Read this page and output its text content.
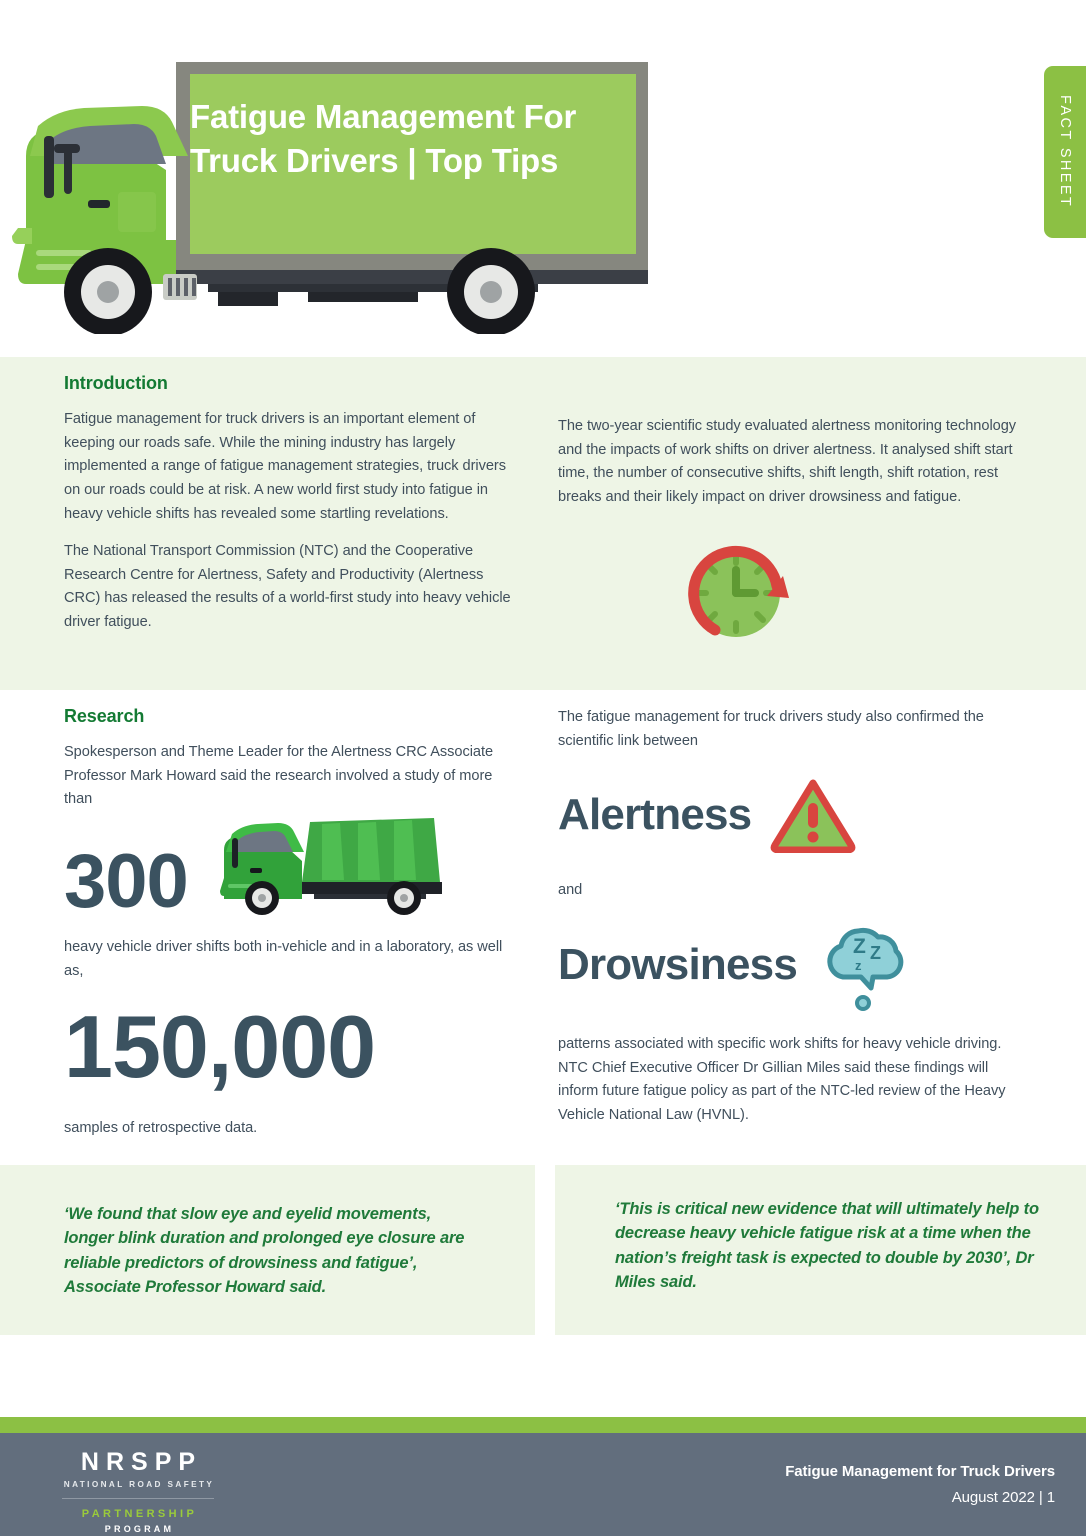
Fatigue Management For Truck Drivers | Top Tips	FACT SHEET
Introduction

Fatigue management for truck drivers is an important element of keeping our roads safe. While the mining industry has largely implemented a range of fatigue management strategies, truck drivers on our roads could be at risk. A new world first study into fatigue in heavy vehicle shifts has revealed some startling revelations.

The National Transport Commission (NTC) and the Cooperative Research Centre for Alertness, Safety and Productivity (Alertness CRC) has released the results of a world-first study into heavy vehicle driver fatigue.

The two-year scientific study evaluated alertness monitoring technology and the impacts of work shifts on driver alertness. It analysed shift start time, the number of consecutive shifts, shift length, shift rotation, rest breaks and their likely impact on driver drowsiness and fatigue.

Research

Spokesperson and Theme Leader for the Alertness CRC Associate Professor Mark Howard said the research involved a study of more than

300

heavy vehicle driver shifts both in-vehicle and in a laboratory, as well as,

150,000

samples of retrospective data.

The fatigue management for truck drivers study also confirmed the scientific link between

Alertness

and

Drowsiness	Z Z
z

patterns associated with specific work shifts for heavy vehicle driving. NTC Chief Executive Officer Dr Gillian Miles said these findings will inform future fatigue policy as part of the NTC-led review of the Heavy Vehicle National Law (HVNL).

‘We found that slow eye and eyelid movements, longer blink duration and prolonged eye closure are reliable predictors of drowsiness and fatigue’, Associate Professor Howard said.

‘This is critical new evidence that will ultimately help to decrease heavy vehicle fatigue risk at a time when the nation’s freight task is expected to double by 2030’, Dr Miles said.

NRSPP
NATIONAL ROAD SAFETY
PARTNERSHIP
PROGRAM
Fatigue Management for Truck Drivers
August 2022 | 1
